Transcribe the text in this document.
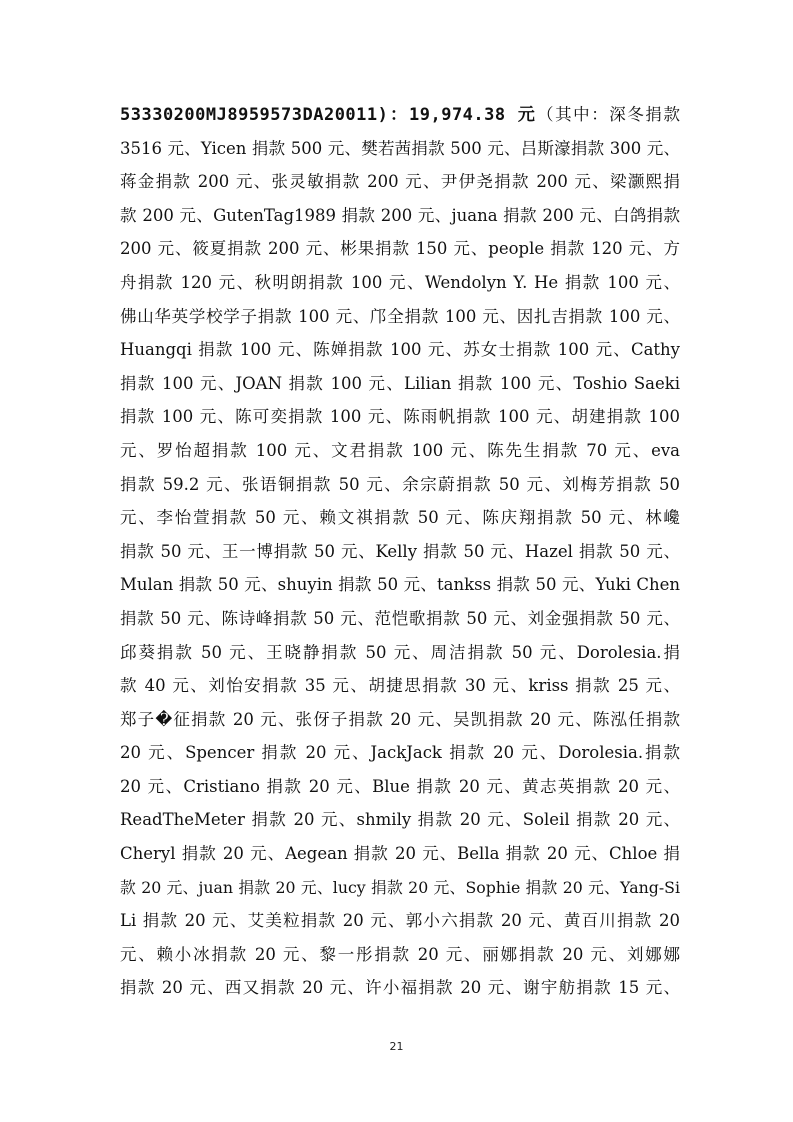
53330200MJ8959573DA20011)：19,974.38 元（其中：深冬捐款
3516 元、Yicen 捐款 500 元、樊若茜捐款 500 元、吕斯濠捐款 300 元、
蒋金捐款 200 元、张灵敏捐款 200 元、尹伊尧捐款 200 元、梁灏熙捐
款 200 元、GutenTag1989 捐款 200 元、juana 捐款 200 元、白鸽捐款
200 元、筱夏捐款 200 元、彬果捐款 150 元、people 捐款 120 元、方
舟捐款 120 元、秋明朗捐款 100 元、Wendolyn Y. He 捐款 100 元、
佛山华英学校学子捐款 100 元、邝全捐款 100 元、因扎吉捐款 100 元、
Huangqi 捐款 100 元、陈婵捐款 100 元、苏女士捐款 100 元、Cathy
捐款 100 元、JOAN 捐款 100 元、Lilian 捐款 100 元、Toshio Saeki
捐款 100 元、陈可奕捐款 100 元、陈雨帆捐款 100 元、胡建捐款 100
元、罗怡超捐款 100 元、文君捐款 100 元、陈先生捐款 70 元、eva
捐款 59.2 元、张语铜捐款 50 元、余宗蔚捐款 50 元、刘梅芳捐款 50
元、李怡萱捐款 50 元、赖文祺捐款 50 元、陈庆翔捐款 50 元、林巉
捐款 50 元、王一博捐款 50 元、Kelly 捐款 50 元、Hazel 捐款 50 元、
Mulan 捐款 50 元、shuyin 捐款 50 元、tankss 捐款 50 元、Yuki Chen
捐款 50 元、陈诗峰捐款 50 元、范恺歌捐款 50 元、刘金强捐款 50 元、
邱葵捐款 50 元、王晓静捐款 50 元、周洁捐款 50 元、Dorolesia.捐
款 40 元、刘怡安捐款 35 元、胡捷思捐款 30 元、kriss 捐款 25 元、
郑子�征捐款 20 元、张伢子捐款 20 元、吴凯捐款 20 元、陈泓任捐款
20 元、Spencer 捐款 20 元、JackJack 捐款 20 元、Dorolesia.捐款
20 元、Cristiano 捐款 20 元、Blue 捐款 20 元、黄志英捐款 20 元、
ReadTheMeter 捐款 20 元、shmily 捐款 20 元、Soleil 捐款 20 元、
Cheryl 捐款 20 元、Aegean 捐款 20 元、Bella 捐款 20 元、Chloe 捐
款 20 元、juan 捐款 20 元、lucy 捐款 20 元、Sophie 捐款 20 元、Yang-Si
Li 捐款 20 元、艾美粒捐款 20 元、郭小六捐款 20 元、黄百川捐款 20
元、赖小冰捐款 20 元、黎一彤捐款 20 元、丽娜捐款 20 元、刘娜娜
捐款 20 元、西又捐款 20 元、许小福捐款 20 元、谢宇舫捐款 15 元、
21
